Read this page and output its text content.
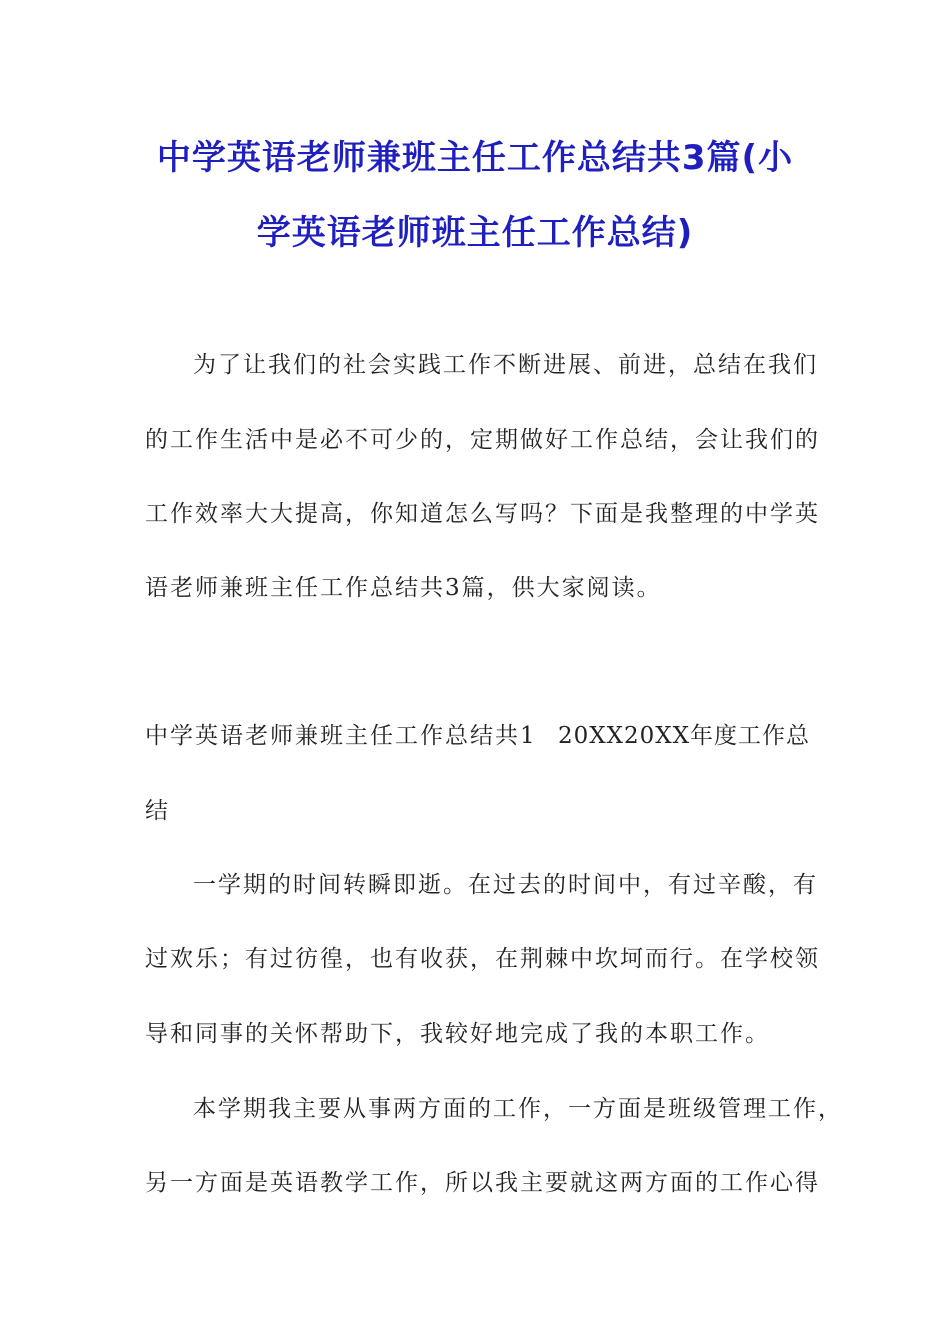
中学英语老师兼班主任工作总结共3篇(小
学英语老师班主任工作总结)
为了让我们的社会实践工作不断进展、前进，总结在我们
的工作生活中是必不可少的，定期做好工作总结，会让我们的
工作效率大大提高，你知道怎么写吗？下面是我整理的中学英
语老师兼班主任工作总结共3篇，供大家阅读。
中学英语老师兼班主任工作总结共1 20XX20XX年度工作总
结
一学期的时间转瞬即逝。在过去的时间中，有过辛酸，有
过欢乐；有过彷徨，也有收获，在荆棘中坎坷而行。在学校领
导和同事的关怀帮助下，我较好地完成了我的本职工作。
本学期我主要从事两方面的工作，一方面是班级管理工作，
另一方面是英语教学工作，所以我主要就这两方面的工作心得
